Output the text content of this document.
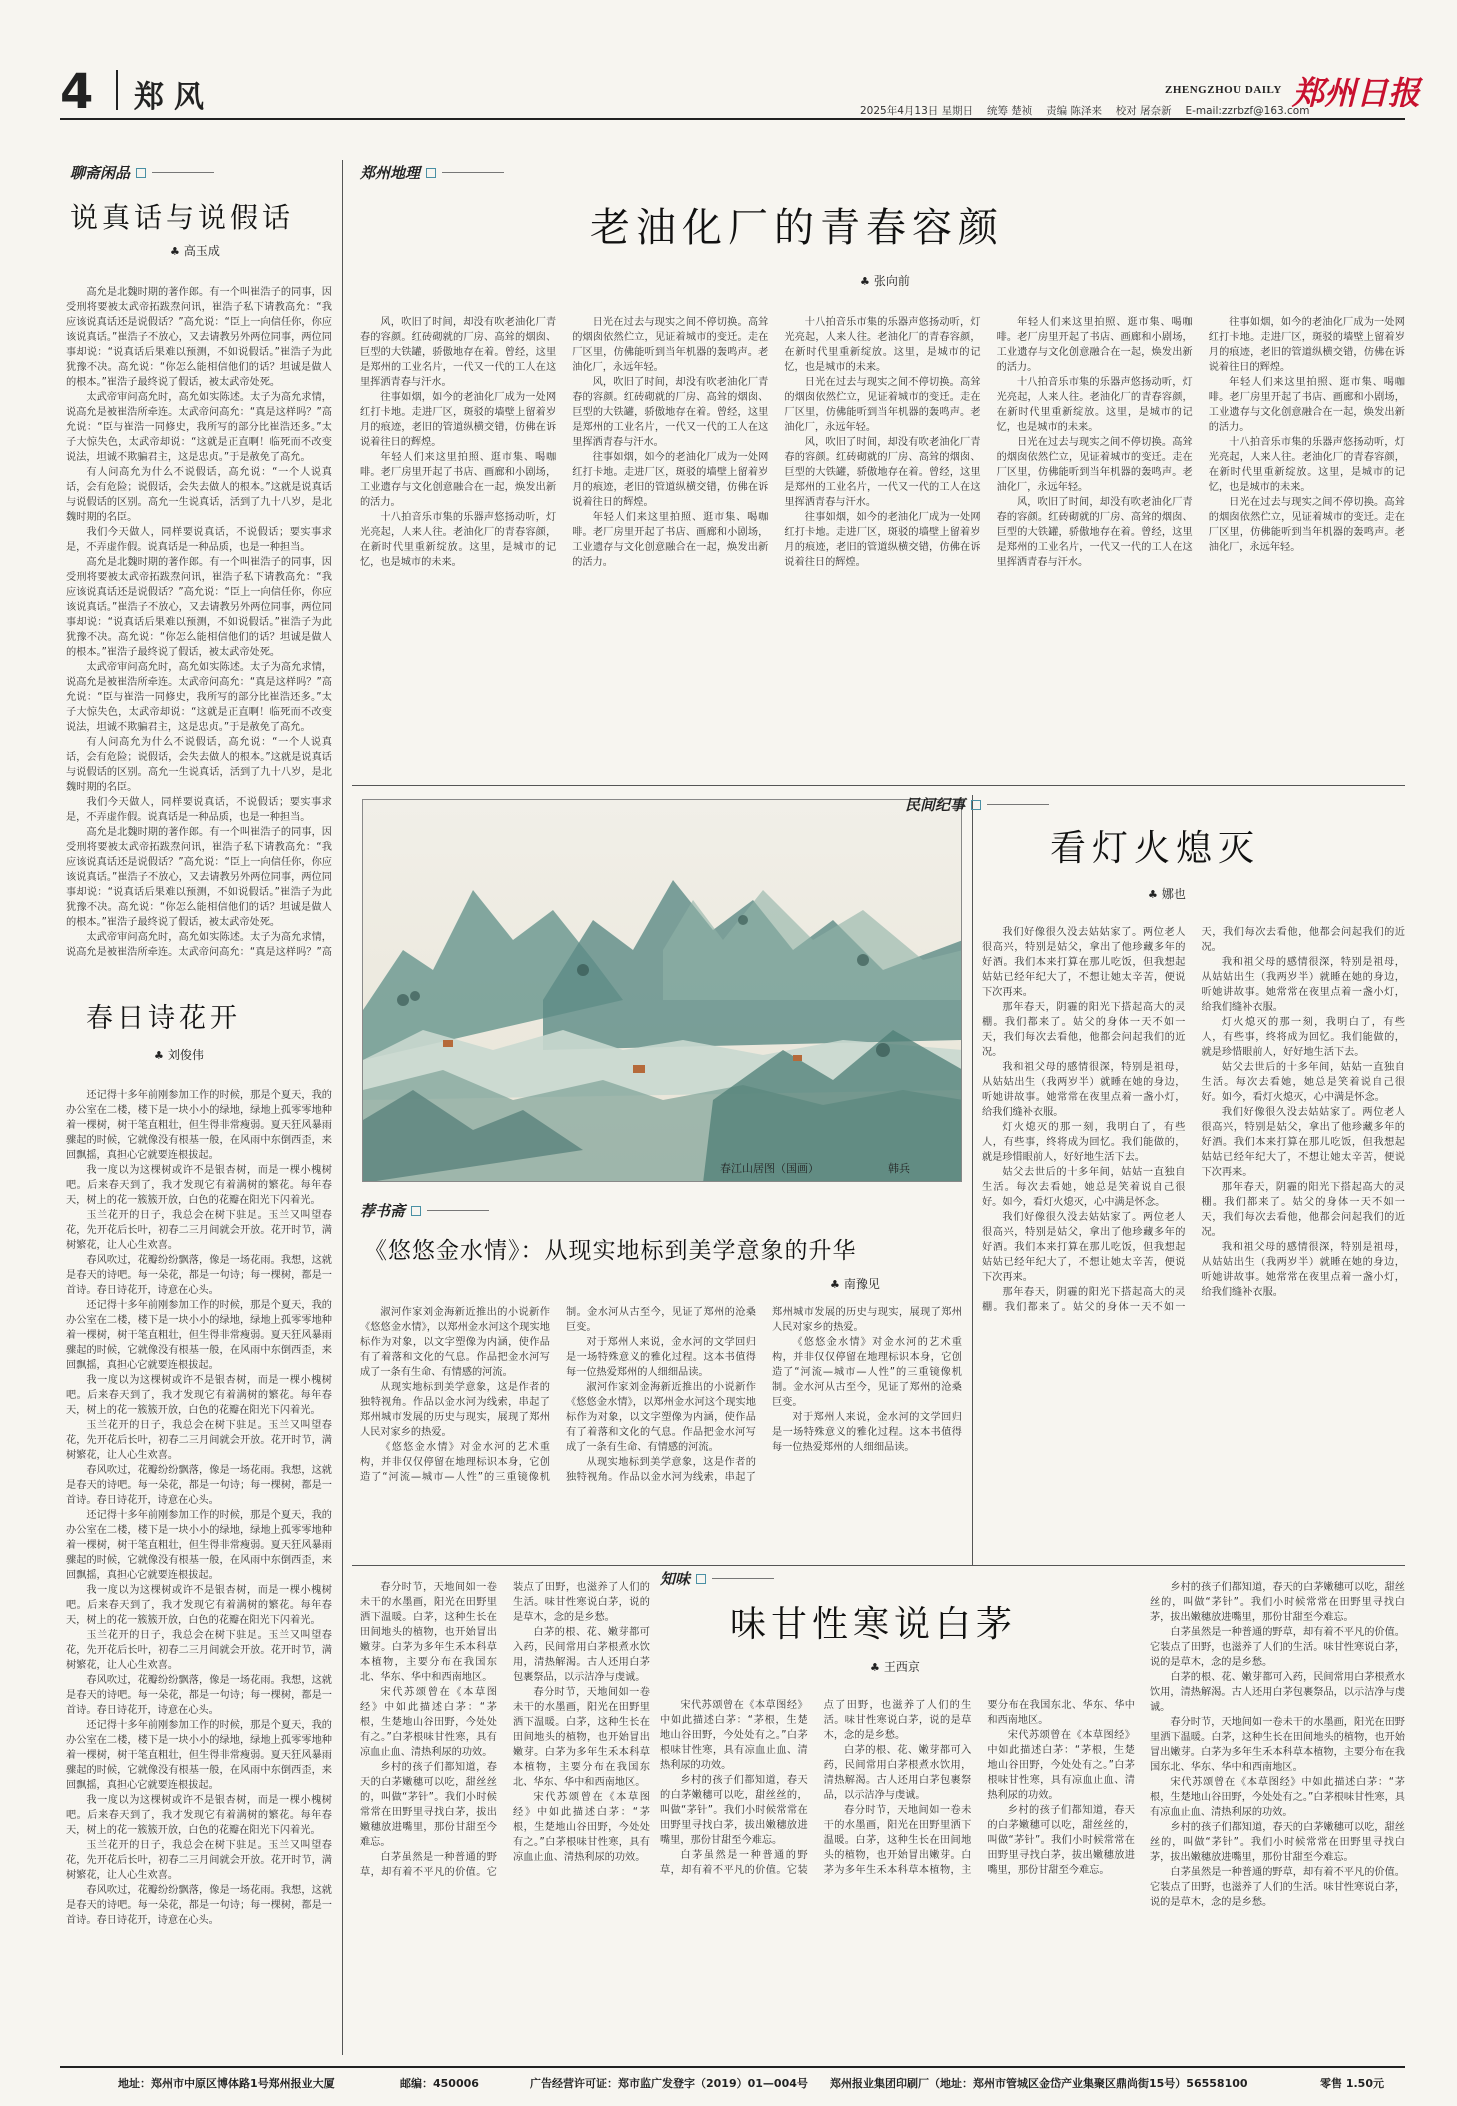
4 郑风	ZHENGZHOU DAILY 郑州日报
2025年4月13日 星期日 　统筹 楚祯 　责编 陈泽来 　校对 屠奈新 　E-mail:zzrbzf@163.com
聊斋闲品
说真话与说假话
♣ 高玉成

高允是北魏时期的著作郎。有一个叫崔浩子的同事，因受刑将要被太武帝拓跋焘问讯，崔浩子私下请教高允：“我应该说真话还是说假话？”高允说：“臣上一向信任你，你应该说真话。”崔浩子不放心，又去请教另外两位同事，两位同事却说：“说真话后果难以预测，不如说假话。”崔浩子为此犹豫不决。高允说：“你怎么能相信他们的话？坦诚是做人的根本。”崔浩子最终说了假话，被太武帝处死。

太武帝审问高允时，高允如实陈述。太子为高允求情，说高允是被崔浩所牵连。太武帝问高允：“真是这样吗？”高允说：“臣与崔浩一同修史，我所写的部分比崔浩还多。”太子大惊失色，太武帝却说：“这就是正直啊！临死而不改变说法，坦诚不欺骗君主，这是忠贞。”于是赦免了高允。

有人问高允为什么不说假话，高允说：“一个人说真话，会有危险；说假话，会失去做人的根本。”这就是说真话与说假话的区别。高允一生说真话，活到了九十八岁，是北魏时期的名臣。

我们今天做人，同样要说真话，不说假话；要实事求是，不弄虚作假。说真话是一种品质，也是一种担当。

高允是北魏时期的著作郎。有一个叫崔浩子的同事，因受刑将要被太武帝拓跋焘问讯，崔浩子私下请教高允：“我应该说真话还是说假话？”高允说：“臣上一向信任你，你应该说真话。”崔浩子不放心，又去请教另外两位同事，两位同事却说：“说真话后果难以预测，不如说假话。”崔浩子为此犹豫不决。高允说：“你怎么能相信他们的话？坦诚是做人的根本。”崔浩子最终说了假话，被太武帝处死。

太武帝审问高允时，高允如实陈述。太子为高允求情，说高允是被崔浩所牵连。太武帝问高允：“真是这样吗？”高允说：“臣与崔浩一同修史，我所写的部分比崔浩还多。”太子大惊失色，太武帝却说：“这就是正直啊！临死而不改变说法，坦诚不欺骗君主，这是忠贞。”于是赦免了高允。

有人问高允为什么不说假话，高允说：“一个人说真话，会有危险；说假话，会失去做人的根本。”这就是说真话与说假话的区别。高允一生说真话，活到了九十八岁，是北魏时期的名臣。

我们今天做人，同样要说真话，不说假话；要实事求是，不弄虚作假。说真话是一种品质，也是一种担当。

高允是北魏时期的著作郎。有一个叫崔浩子的同事，因受刑将要被太武帝拓跋焘问讯，崔浩子私下请教高允：“我应该说真话还是说假话？”高允说：“臣上一向信任你，你应该说真话。”崔浩子不放心，又去请教另外两位同事，两位同事却说：“说真话后果难以预测，不如说假话。”崔浩子为此犹豫不决。高允说：“你怎么能相信他们的话？坦诚是做人的根本。”崔浩子最终说了假话，被太武帝处死。

太武帝审问高允时，高允如实陈述。太子为高允求情，说高允是被崔浩所牵连。太武帝问高允：“真是这样吗？”高

春日诗花开
♣ 刘俊伟

还记得十多年前刚参加工作的时候，那是个夏天，我的办公室在二楼，楼下是一块小小的绿地，绿地上孤零零地种着一棵树，树干笔直粗壮，但生得非常瘦弱。夏天狂风暴雨骤起的时候，它就像没有根基一般，在风雨中东倒西歪，来回飘摇，真担心它就要连根拔起。

我一度以为这棵树或许不是银杏树，而是一棵小槐树吧。后来春天到了，我才发现它有着满树的繁花。每年春天，树上的花一簇簇开放，白色的花瓣在阳光下闪着光。

玉兰花开的日子，我总会在树下驻足。玉兰又叫望春花，先开花后长叶，初春二三月间就会开放。花开时节，满树繁花，让人心生欢喜。

春风吹过，花瓣纷纷飘落，像是一场花雨。我想，这就是春天的诗吧。每一朵花，都是一句诗；每一棵树，都是一首诗。春日诗花开，诗意在心头。

还记得十多年前刚参加工作的时候，那是个夏天，我的办公室在二楼，楼下是一块小小的绿地，绿地上孤零零地种着一棵树，树干笔直粗壮，但生得非常瘦弱。夏天狂风暴雨骤起的时候，它就像没有根基一般，在风雨中东倒西歪，来回飘摇，真担心它就要连根拔起。

我一度以为这棵树或许不是银杏树，而是一棵小槐树吧。后来春天到了，我才发现它有着满树的繁花。每年春天，树上的花一簇簇开放，白色的花瓣在阳光下闪着光。

玉兰花开的日子，我总会在树下驻足。玉兰又叫望春花，先开花后长叶，初春二三月间就会开放。花开时节，满树繁花，让人心生欢喜。

春风吹过，花瓣纷纷飘落，像是一场花雨。我想，这就是春天的诗吧。每一朵花，都是一句诗；每一棵树，都是一首诗。春日诗花开，诗意在心头。

还记得十多年前刚参加工作的时候，那是个夏天，我的办公室在二楼，楼下是一块小小的绿地，绿地上孤零零地种着一棵树，树干笔直粗壮，但生得非常瘦弱。夏天狂风暴雨骤起的时候，它就像没有根基一般，在风雨中东倒西歪，来回飘摇，真担心它就要连根拔起。

我一度以为这棵树或许不是银杏树，而是一棵小槐树吧。后来春天到了，我才发现它有着满树的繁花。每年春天，树上的花一簇簇开放，白色的花瓣在阳光下闪着光。

玉兰花开的日子，我总会在树下驻足。玉兰又叫望春花，先开花后长叶，初春二三月间就会开放。花开时节，满树繁花，让人心生欢喜。

春风吹过，花瓣纷纷飘落，像是一场花雨。我想，这就是春天的诗吧。每一朵花，都是一句诗；每一棵树，都是一首诗。春日诗花开，诗意在心头。

还记得十多年前刚参加工作的时候，那是个夏天，我的办公室在二楼，楼下是一块小小的绿地，绿地上孤零零地种着一棵树，树干笔直粗壮，但生得非常瘦弱。夏天狂风暴雨骤起的时候，它就像没有根基一般，在风雨中东倒西歪，来回飘摇，真担心它就要连根拔起。

我一度以为这棵树或许不是银杏树，而是一棵小槐树吧。后来春天到了，我才发现它有着满树的繁花。每年春天，树上的花一簇簇开放，白色的花瓣在阳光下闪着光。

玉兰花开的日子，我总会在树下驻足。玉兰又叫望春花，先开花后长叶，初春二三月间就会开放。花开时节，满树繁花，让人心生欢喜。

春风吹过，花瓣纷纷飘落，像是一场花雨。我想，这就是春天的诗吧。每一朵花，都是一句诗；每一棵树，都是一首诗。春日诗花开，诗意在心头。

郑州地理
老油化厂的青春容颜
♣ 张向前

风，吹旧了时间，却没有吹老油化厂青春的容颜。红砖砌就的厂房、高耸的烟囱、巨型的大铁罐，骄傲地存在着。曾经，这里是郑州的工业名片，一代又一代的工人在这里挥洒青春与汗水。

往事如烟，如今的老油化厂成为一处网红打卡地。走进厂区，斑驳的墙壁上留着岁月的痕迹，老旧的管道纵横交错，仿佛在诉说着往日的辉煌。

年轻人们来这里拍照、逛市集、喝咖啡。老厂房里开起了书店、画廊和小剧场，工业遗存与文化创意融合在一起，焕发出新的活力。

十八拍音乐市集的乐器声悠扬动听，灯光亮起，人来人往。老油化厂的青春容颜，在新时代里重新绽放。这里，是城市的记忆，也是城市的未来。

日光在过去与现实之间不停切换。高耸的烟囱依然伫立，见证着城市的变迁。走在厂区里，仿佛能听到当年机器的轰鸣声。老油化厂，永远年轻。

风，吹旧了时间，却没有吹老油化厂青春的容颜。红砖砌就的厂房、高耸的烟囱、巨型的大铁罐，骄傲地存在着。曾经，这里是郑州的工业名片，一代又一代的工人在这里挥洒青春与汗水。

往事如烟，如今的老油化厂成为一处网红打卡地。走进厂区，斑驳的墙壁上留着岁月的痕迹，老旧的管道纵横交错，仿佛在诉说着往日的辉煌。

年轻人们来这里拍照、逛市集、喝咖啡。老厂房里开起了书店、画廊和小剧场，工业遗存与文化创意融合在一起，焕发出新的活力。

十八拍音乐市集的乐器声悠扬动听，灯光亮起，人来人往。老油化厂的青春容颜，在新时代里重新绽放。这里，是城市的记忆，也是城市的未来。

日光在过去与现实之间不停切换。高耸的烟囱依然伫立，见证着城市的变迁。走在厂区里，仿佛能听到当年机器的轰鸣声。老油化厂，永远年轻。

风，吹旧了时间，却没有吹老油化厂青春的容颜。红砖砌就的厂房、高耸的烟囱、巨型的大铁罐，骄傲地存在着。曾经，这里是郑州的工业名片，一代又一代的工人在这里挥洒青春与汗水。

往事如烟，如今的老油化厂成为一处网红打卡地。走进厂区，斑驳的墙壁上留着岁月的痕迹，老旧的管道纵横交错，仿佛在诉说着往日的辉煌。

年轻人们来这里拍照、逛市集、喝咖啡。老厂房里开起了书店、画廊和小剧场，工业遗存与文化创意融合在一起，焕发出新的活力。

十八拍音乐市集的乐器声悠扬动听，灯光亮起，人来人往。老油化厂的青春容颜，在新时代里重新绽放。这里，是城市的记忆，也是城市的未来。

日光在过去与现实之间不停切换。高耸的烟囱依然伫立，见证着城市的变迁。走在厂区里，仿佛能听到当年机器的轰鸣声。老油化厂，永远年轻。

风，吹旧了时间，却没有吹老油化厂青春的容颜。红砖砌就的厂房、高耸的烟囱、巨型的大铁罐，骄傲地存在着。曾经，这里是郑州的工业名片，一代又一代的工人在这里挥洒青春与汗水。

往事如烟，如今的老油化厂成为一处网红打卡地。走进厂区，斑驳的墙壁上留着岁月的痕迹，老旧的管道纵横交错，仿佛在诉说着往日的辉煌。

年轻人们来这里拍照、逛市集、喝咖啡。老厂房里开起了书店、画廊和小剧场，工业遗存与文化创意融合在一起，焕发出新的活力。

十八拍音乐市集的乐器声悠扬动听，灯光亮起，人来人往。老油化厂的青春容颜，在新时代里重新绽放。这里，是城市的记忆，也是城市的未来。

日光在过去与现实之间不停切换。高耸的烟囱依然伫立，见证着城市的变迁。走在厂区里，仿佛能听到当年机器的轰鸣声。老油化厂，永远年轻。

春江山居图（国画）	韩兵
荐书斋
《悠悠金水情》：从现实地标到美学意象的升华
♣ 南豫见

淑河作家刘金海新近推出的小说新作《悠悠金水情》，以郑州金水河这个现实地标作为对象，以文字塑像为内涵，使作品有了着落和文化的气息。作品把金水河写成了一条有生命、有情感的河流。

从现实地标到美学意象，这是作者的独特视角。作品以金水河为线索，串起了郑州城市发展的历史与现实，展现了郑州人民对家乡的热爱。

《悠悠金水情》对金水河的艺术重构，并非仅仅停留在地理标识本身，它创造了“河流—城市—人性”的三重镜像机制。金水河从古至今，见证了郑州的沧桑巨变。

对于郑州人来说，金水河的文学回归是一场特殊意义的雅化过程。这本书值得每一位热爱郑州的人细细品读。

淑河作家刘金海新近推出的小说新作《悠悠金水情》，以郑州金水河这个现实地标作为对象，以文字塑像为内涵，使作品有了着落和文化的气息。作品把金水河写成了一条有生命、有情感的河流。

从现实地标到美学意象，这是作者的独特视角。作品以金水河为线索，串起了郑州城市发展的历史与现实，展现了郑州人民对家乡的热爱。

《悠悠金水情》对金水河的艺术重构，并非仅仅停留在地理标识本身，它创造了“河流—城市—人性”的三重镜像机制。金水河从古至今，见证了郑州的沧桑巨变。

对于郑州人来说，金水河的文学回归是一场特殊意义的雅化过程。这本书值得每一位热爱郑州的人细细品读。

民间纪事
看灯火熄灭
♣ 娜也

我们好像很久没去姑姑家了。两位老人很高兴，特别是姑父，拿出了他珍藏多年的好酒。我们本来打算在那儿吃饭，但我想起姑姑已经年纪大了，不想让她太辛苦，便说下次再来。

那年春天，阴霾的阳光下搭起高大的灵棚。我们都来了。姑父的身体一天不如一天，我们每次去看他，他都会问起我们的近况。

我和祖父母的感情很深，特别是祖母，从姑姑出生（我两岁半）就睡在她的身边，听她讲故事。她常常在夜里点着一盏小灯，给我们缝补衣服。

灯火熄灭的那一刻，我明白了，有些人，有些事，终将成为回忆。我们能做的，就是珍惜眼前人，好好地生活下去。

姑父去世后的十多年间，姑姑一直独自生活。每次去看她，她总是笑着说自己很好。如今，看灯火熄灭，心中满是怀念。

我们好像很久没去姑姑家了。两位老人很高兴，特别是姑父，拿出了他珍藏多年的好酒。我们本来打算在那儿吃饭，但我想起姑姑已经年纪大了，不想让她太辛苦，便说下次再来。

那年春天，阴霾的阳光下搭起高大的灵棚。我们都来了。姑父的身体一天不如一天，我们每次去看他，他都会问起我们的近况。

我和祖父母的感情很深，特别是祖母，从姑姑出生（我两岁半）就睡在她的身边，听她讲故事。她常常在夜里点着一盏小灯，给我们缝补衣服。

灯火熄灭的那一刻，我明白了，有些人，有些事，终将成为回忆。我们能做的，就是珍惜眼前人，好好地生活下去。

姑父去世后的十多年间，姑姑一直独自生活。每次去看她，她总是笑着说自己很好。如今，看灯火熄灭，心中满是怀念。

我们好像很久没去姑姑家了。两位老人很高兴，特别是姑父，拿出了他珍藏多年的好酒。我们本来打算在那儿吃饭，但我想起姑姑已经年纪大了，不想让她太辛苦，便说下次再来。

那年春天，阴霾的阳光下搭起高大的灵棚。我们都来了。姑父的身体一天不如一天，我们每次去看他，他都会问起我们的近况。

我和祖父母的感情很深，特别是祖母，从姑姑出生（我两岁半）就睡在她的身边，听她讲故事。她常常在夜里点着一盏小灯，给我们缝补衣服。

知味
味甘性寒说白茅
♣ 王西京

春分时节，天地间如一卷未干的水墨画，阳光在田野里洒下温暖。白茅，这种生长在田间地头的植物，也开始冒出嫩芽。白茅为多年生禾本科草本植物，主要分布在我国东北、华东、华中和西南地区。

宋代苏颂曾在《本草图经》中如此描述白茅：“茅根，生楚地山谷田野，今处处有之。”白茅根味甘性寒，具有凉血止血、清热利尿的功效。

乡村的孩子们都知道，春天的白茅嫩穗可以吃，甜丝丝的，叫做“茅针”。我们小时候常常在田野里寻找白茅，拔出嫩穗放进嘴里，那份甘甜至今难忘。

白茅虽然是一种普通的野草，却有着不平凡的价值。它装点了田野，也滋养了人们的生活。味甘性寒说白茅，说的是草木，念的是乡愁。

白茅的根、花、嫩芽都可入药，民间常用白茅根煮水饮用，清热解渴。古人还用白茅包裹祭品，以示洁净与虔诚。

春分时节，天地间如一卷未干的水墨画，阳光在田野里洒下温暖。白茅，这种生长在田间地头的植物，也开始冒出嫩芽。白茅为多年生禾本科草本植物，主要分布在我国东北、华东、华中和西南地区。

宋代苏颂曾在《本草图经》中如此描述白茅：“茅根，生楚地山谷田野，今处处有之。”白茅根味甘性寒，具有凉血止血、清热利尿的功效。

宋代苏颂曾在《本草图经》中如此描述白茅：“茅根，生楚地山谷田野，今处处有之。”白茅根味甘性寒，具有凉血止血、清热利尿的功效。

乡村的孩子们都知道，春天的白茅嫩穗可以吃，甜丝丝的，叫做“茅针”。我们小时候常常在田野里寻找白茅，拔出嫩穗放进嘴里，那份甘甜至今难忘。

白茅虽然是一种普通的野草，却有着不平凡的价值。它装点了田野，也滋养了人们的生活。味甘性寒说白茅，说的是草木，念的是乡愁。

白茅的根、花、嫩芽都可入药，民间常用白茅根煮水饮用，清热解渴。古人还用白茅包裹祭品，以示洁净与虔诚。

春分时节，天地间如一卷未干的水墨画，阳光在田野里洒下温暖。白茅，这种生长在田间地头的植物，也开始冒出嫩芽。白茅为多年生禾本科草本植物，主要分布在我国东北、华东、华中和西南地区。

宋代苏颂曾在《本草图经》中如此描述白茅：“茅根，生楚地山谷田野，今处处有之。”白茅根味甘性寒，具有凉血止血、清热利尿的功效。

乡村的孩子们都知道，春天的白茅嫩穗可以吃，甜丝丝的，叫做“茅针”。我们小时候常常在田野里寻找白茅，拔出嫩穗放进嘴里，那份甘甜至今难忘。

乡村的孩子们都知道，春天的白茅嫩穗可以吃，甜丝丝的，叫做“茅针”。我们小时候常常在田野里寻找白茅，拔出嫩穗放进嘴里，那份甘甜至今难忘。

白茅虽然是一种普通的野草，却有着不平凡的价值。它装点了田野，也滋养了人们的生活。味甘性寒说白茅，说的是草木，念的是乡愁。

白茅的根、花、嫩芽都可入药，民间常用白茅根煮水饮用，清热解渴。古人还用白茅包裹祭品，以示洁净与虔诚。

春分时节，天地间如一卷未干的水墨画，阳光在田野里洒下温暖。白茅，这种生长在田间地头的植物，也开始冒出嫩芽。白茅为多年生禾本科草本植物，主要分布在我国东北、华东、华中和西南地区。

宋代苏颂曾在《本草图经》中如此描述白茅：“茅根，生楚地山谷田野，今处处有之。”白茅根味甘性寒，具有凉血止血、清热利尿的功效。

乡村的孩子们都知道，春天的白茅嫩穗可以吃，甜丝丝的，叫做“茅针”。我们小时候常常在田野里寻找白茅，拔出嫩穗放进嘴里，那份甘甜至今难忘。

白茅虽然是一种普通的野草，却有着不平凡的价值。它装点了田野，也滋养了人们的生活。味甘性寒说白茅，说的是草木，念的是乡愁。

地址：郑州市中原区博体路1号郑州报业大厦	邮编：450006	广告经营许可证：郑市监广发登字（2019）01—004号 郑州报业集团印刷厂（地址：郑州市管城区金岱产业集聚区鼎尚街15号）56558100	零售 1.50元
